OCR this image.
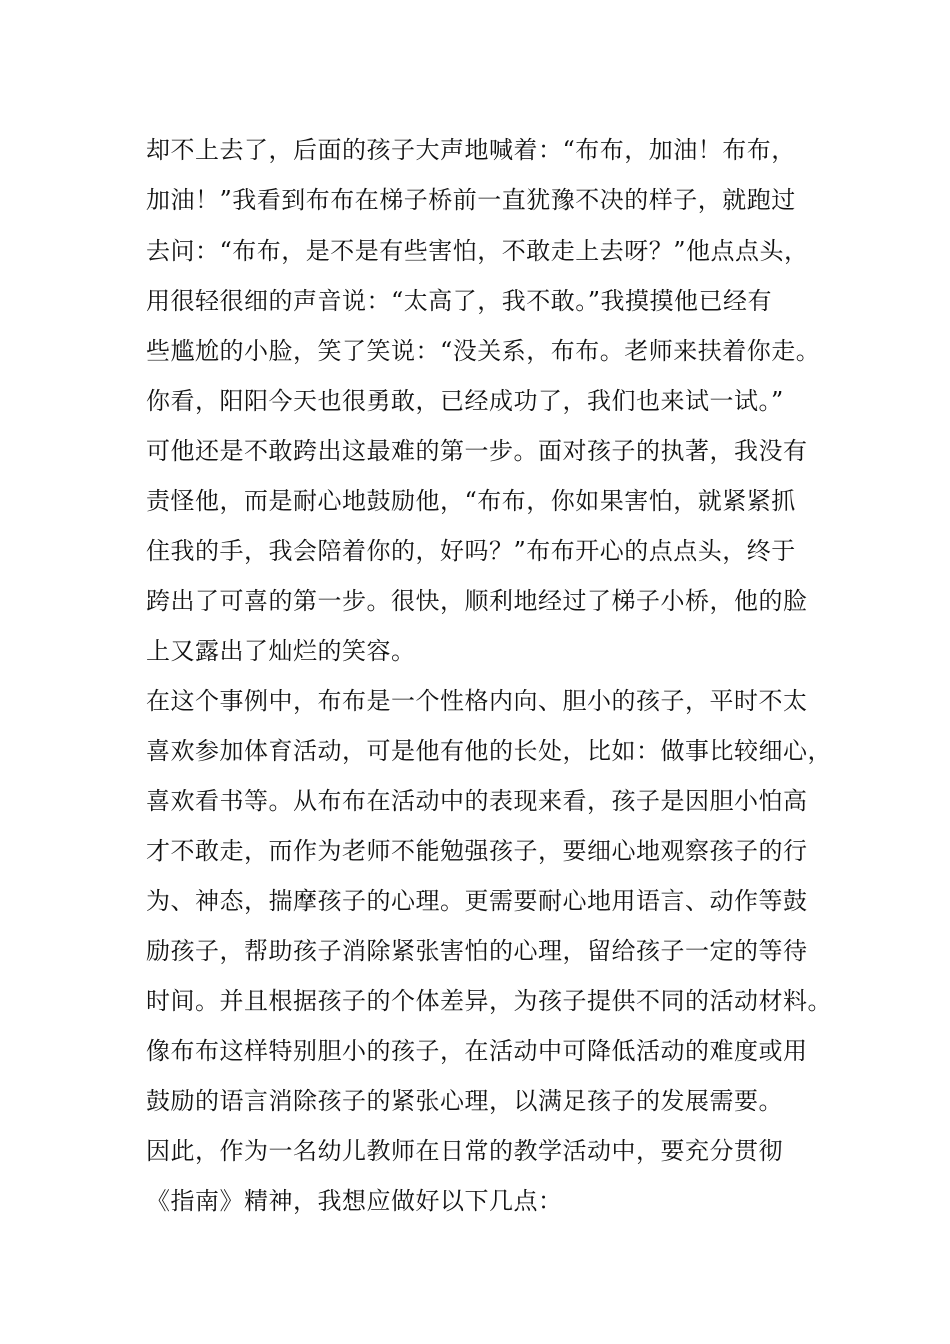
却不上去了，后面的孩子大声地喊着：“布布，加油！布布，
加油！”我看到布布在梯子桥前一直犹豫不决的样子，就跑过
去问：“布布，是不是有些害怕，不敢走上去呀？”他点点头，
用很轻很细的声音说：“太高了，我不敢。”我摸摸他已经有
些尴尬的小脸，笑了笑说：“没关系，布布。老师来扶着你走。
你看，阳阳今天也很勇敢，已经成功了，我们也来试一试。”
可他还是不敢跨出这最难的第一步。面对孩子的执著，我没有
责怪他，而是耐心地鼓励他，“布布，你如果害怕，就紧紧抓
住我的手，我会陪着你的，好吗？”布布开心的点点头，终于
跨出了可喜的第一步。很快，顺利地经过了梯子小桥，他的脸
上又露出了灿烂的笑容。
在这个事例中，布布是一个性格内向、胆小的孩子，平时不太
喜欢参加体育活动，可是他有他的长处，比如：做事比较细心，
喜欢看书等。从布布在活动中的表现来看，孩子是因胆小怕高
才不敢走，而作为老师不能勉强孩子，要细心地观察孩子的行
为、神态，揣摩孩子的心理。更需要耐心地用语言、动作等鼓
励孩子，帮助孩子消除紧张害怕的心理，留给孩子一定的等待
时间。并且根据孩子的个体差异，为孩子提供不同的活动材料。
像布布这样特别胆小的孩子，在活动中可降低活动的难度或用
鼓励的语言消除孩子的紧张心理，以满足孩子的发展需要。
因此，作为一名幼儿教师在日常的教学活动中，要充分贯彻
《指南》精神，我想应做好以下几点：
